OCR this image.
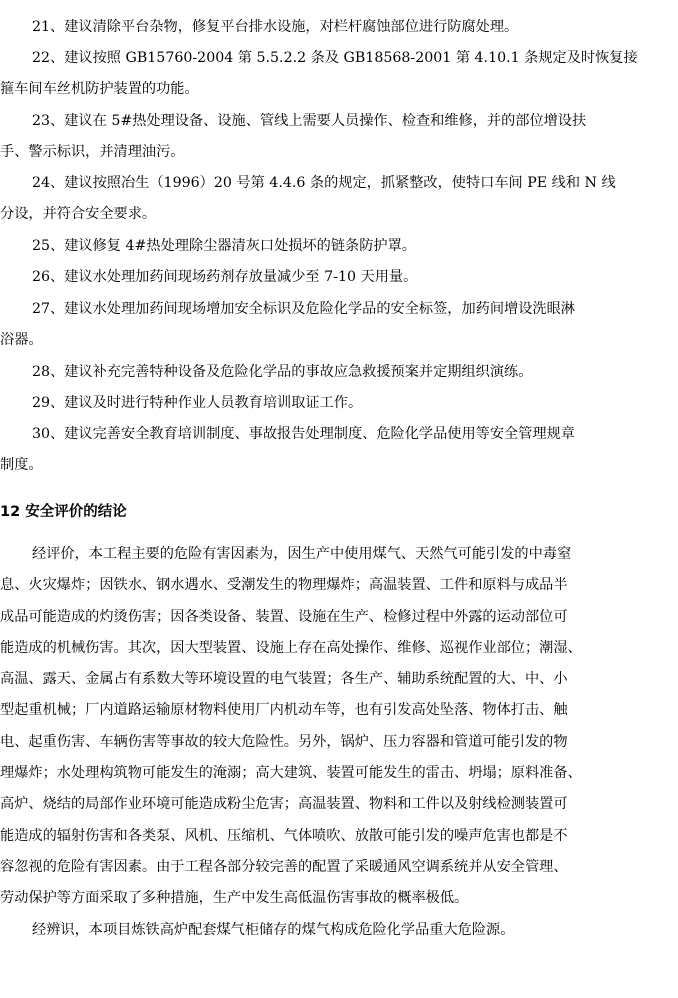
21、建议清除平台杂物，修复平台排水设施，对栏杆腐蚀部位进行防腐处理。
22、建议按照 GB15760-2004 第 5.5.2.2 条及 GB18568-2001 第 4.10.1 条规定及时恢复接
箍车间车丝机防护装置的功能。
23、建议在 5#热处理设备、设施、管线上需要人员操作、检查和维修，并的部位增设扶
手、警示标识，并清理油污。
24、建议按照冶生（1996）20 号第 4.4.6 条的规定，抓紧整改，使特口车间 PE 线和 N 线
分设，并符合安全要求。
25、建议修复 4#热处理除尘器清灰口处损坏的链条防护罩。
26、建议水处理加药间现场药剂存放量减少至 7-10 天用量。
27、建议水处理加药间现场增加安全标识及危险化学品的安全标签，加药间增设洗眼淋
浴器。
28、建议补充完善特种设备及危险化学品的事故应急救援预案并定期组织演练。
29、建议及时进行特种作业人员教育培训取证工作。
30、建议完善安全教育培训制度、事故报告处理制度、危险化学品使用等安全管理规章
制度。
12 安全评价的结论
经评价，本工程主要的危险有害因素为，因生产中使用煤气、天然气可能引发的中毒窒
息、火灾爆炸；因铁水、钢水遇水、受潮发生的物理爆炸；高温装置、工件和原料与成品半
成品可能造成的灼烫伤害；因各类设备、装置、设施在生产、检修过程中外露的运动部位可
能造成的机械伤害。其次，因大型装置、设施上存在高处操作、维修、巡视作业部位；潮湿、
高温、露天、金属占有系数大等环境设置的电气装置；各生产、辅助系统配置的大、中、小
型起重机械；厂内道路运输原材物料使用厂内机动车等，也有引发高处坠落、物体打击、触
电、起重伤害、车辆伤害等事故的较大危险性。另外，锅炉、压力容器和管道可能引发的物
理爆炸；水处理构筑物可能发生的淹溺；高大建筑、装置可能发生的雷击、坍塌；原料准备、
高炉、烧结的局部作业环境可能造成粉尘危害；高温装置、物料和工件以及射线检测装置可
能造成的辐射伤害和各类泵、风机、压缩机、气体喷吹、放散可能引发的噪声危害也都是不
容忽视的危险有害因素。由于工程各部分较完善的配置了采暖通风空调系统并从安全管理、
劳动保护等方面采取了多种措施，生产中发生高低温伤害事故的概率极低。
经辨识，本项目炼铁高炉配套煤气柜储存的煤气构成危险化学品重大危险源。
